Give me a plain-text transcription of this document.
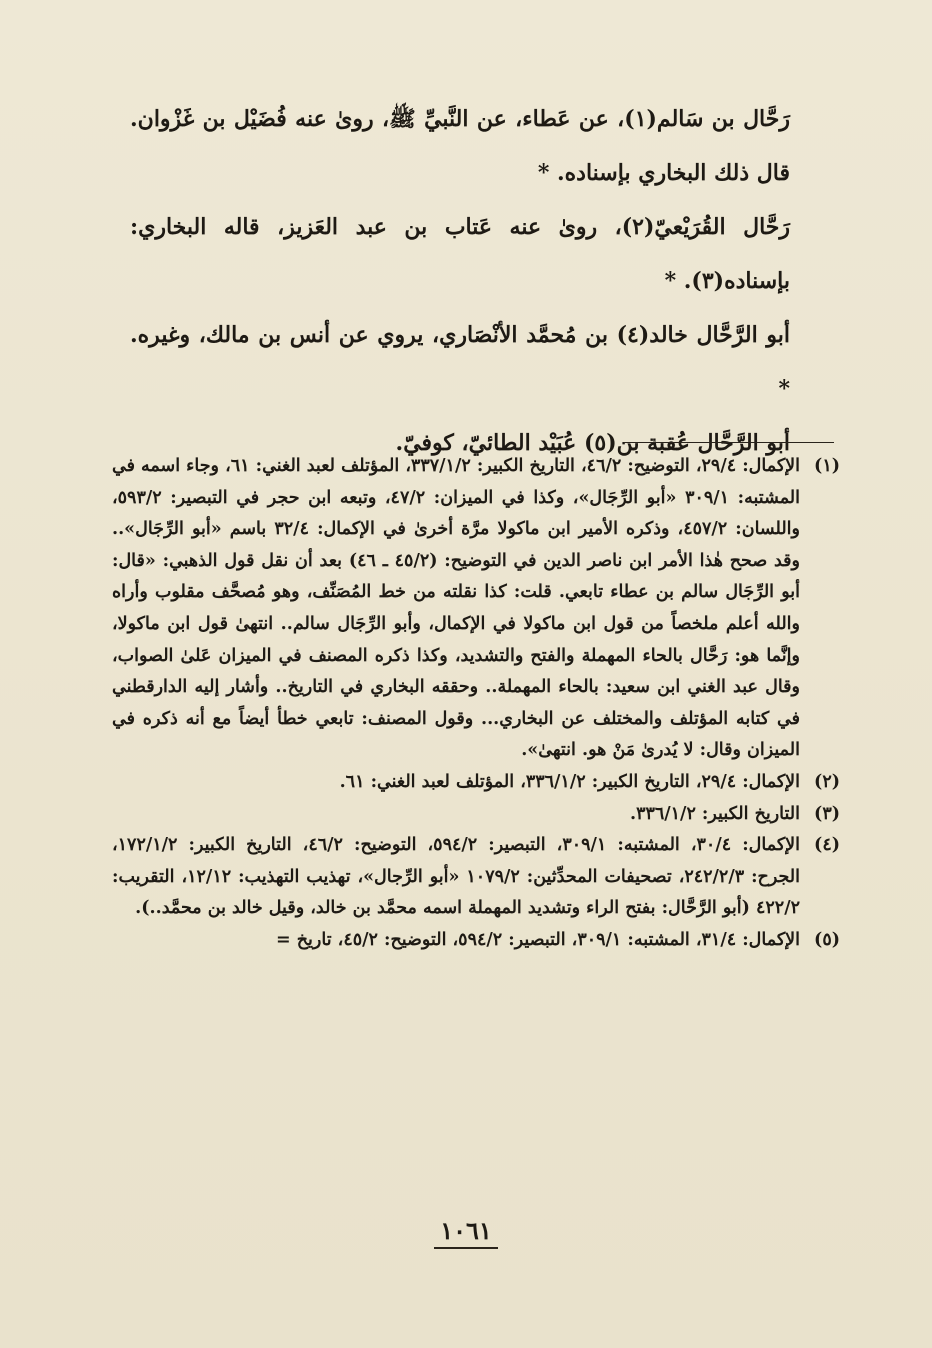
رَحَّال بن سَالم(١)، عن عَطاء، عن النَّبيِّ ﷺ، روىٰ عنه فُضَيْل بن غَزْوان. قال ذلك البخاري بإسناده. *

رَحَّال القُرَيْعيّ(٢)، روىٰ عنه عَتاب بن عبد العَزيز، قاله البخاري: بإسناده(٣). *

أبو الرَّحَّال خالد(٤) بن مُحمَّد الأنْصَاري، يروي عن أنس بن مالك، وغيره. *

أبو الرَّحَّال عُقبة بن(٥) عُبَيْد الطائيّ، كوفيّ.

(١)
الإكمال: ٢٩/٤، التوضيح: ٤٦/٢، التاريخ الكبير: ٣٣٧/١/٢، المؤتلف لعبد الغني: ٦١، وجاء اسمه في المشتبه: ٣٠٩/١ «أبو الرِّجَال»، وكذا في الميزان: ٤٧/٢، وتبعه ابن حجر في التبصير: ٥٩٣/٢، واللسان: ٤٥٧/٢، وذكره الأمير ابن ماكولا مرَّة أخرىٰ في الإكمال: ٣٢/٤ باسم «أبو الرِّجَال».. وقد صحح هٰذا الأمر ابن ناصر الدين في التوضيح: (٤٥/٢ ـ ٤٦) بعد أن نقل قول الذهبي: «قال: أبو الرِّجَال سالم بن عطاء تابعي. قلت: كذا نقلته من خط المُصَنِّف، وهو مُصحَّف مقلوب وأراه والله أعلم ملخصاً من قول ابن ماكولا في الإكمال، وأبو الرِّجَال سالم.. انتهىٰ قول ابن ماكولا، وإنَّما هو: رَحَّال بالحاء المهملة والفتح والتشديد، وكذا ذكره المصنف في الميزان عَلىٰ الصواب، وقال عبد الغني ابن سعيد: بالحاء المهملة.. وحققه البخاري في التاريخ.. وأشار إليه الدارقطني في كتابه المؤتلف والمختلف عن البخاري... وقول المصنف: تابعي خطأ أيضاً مع أنه ذكره في الميزان وقال: لا يُدرىٰ مَنْ هو. انتهىٰ».
(٢)
الإكمال: ٢٩/٤، التاريخ الكبير: ٣٣٦/١/٢، المؤتلف لعبد الغني: ٦١.
(٣)
التاريخ الكبير: ٣٣٦/١/٢.
(٤)
الإكمال: ٣٠/٤، المشتبه: ٣٠٩/١، التبصير: ٥٩٤/٢، التوضيح: ٤٦/٢، التاريخ الكبير: ١٧٢/١/٢، الجرح: ٢٤٢/٢/٣، تصحيفات المحدِّثين: ١٠٧٩/٢ «أبو الرِّجال»، تهذيب التهذيب: ١٢/١٢، التقريب: ٤٢٢/٢ (أبو الرَّحَّال: بفتح الراء وتشديد المهملة اسمه محمَّد بن خالد، وقيل خالد بن محمَّد..).
(٥)
الإكمال: ٣١/٤، المشتبه: ٣٠٩/١، التبصير: ٥٩٤/٢، التوضيح: ٤٥/٢، تاريخ =
١٠٦١
